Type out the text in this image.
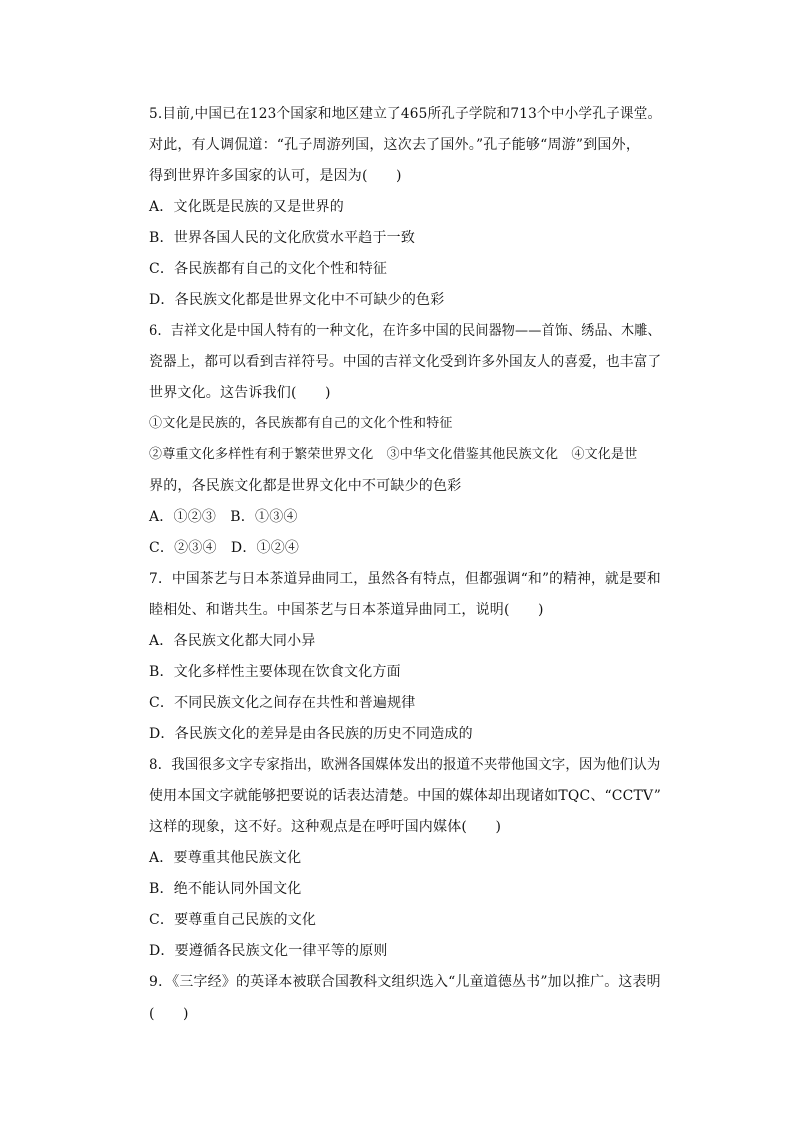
5.目前,中国已在123个国家和地区建立了465所孔子学院和713个中小学孔子课堂。
对此，有人调侃道：“孔子周游列国，这次去了国外。”孔子能够“周游”到国外，
得到世界许多国家的认可，是因为(　　)
A．文化既是民族的又是世界的
B．世界各国人民的文化欣赏水平趋于一致
C．各民族都有自己的文化个性和特征
D．各民族文化都是世界文化中不可缺少的色彩
6．吉祥文化是中国人特有的一种文化，在许多中国的民间器物——首饰、绣品、木雕、
瓷器上，都可以看到吉祥符号。中国的吉祥文化受到许多外国友人的喜爱，也丰富了
世界文化。这告诉我们(　　)
①文化是民族的，各民族都有自己的文化个性和特征
②尊重文化多样性有利于繁荣世界文化　③中华文化借鉴其他民族文化　④文化是世
界的，各民族文化都是世界文化中不可缺少的色彩
A．①②③　B．①③④
C．②③④　D．①②④
7．中国茶艺与日本茶道异曲同工，虽然各有特点，但都强调“和”的精神，就是要和
睦相处、和谐共生。中国茶艺与日本茶道异曲同工，说明(　　)
A．各民族文化都大同小异
B．文化多样性主要体现在饮食文化方面
C．不同民族文化之间存在共性和普遍规律
D．各民族文化的差异是由各民族的历史不同造成的
8．我国很多文字专家指出，欧洲各国媒体发出的报道不夹带他国文字，因为他们认为
使用本国文字就能够把要说的话表达清楚。中国的媒体却出现诸如TQC、“CCTV”
这样的现象，这不好。这种观点是在呼吁国内媒体(　　)
A．要尊重其他民族文化
B．绝不能认同外国文化
C．要尊重自己民族的文化
D．要遵循各民族文化一律平等的原则
9．《三字经》的英译本被联合国教科文组织选入“儿童道德丛书”加以推广。这表明
(　　)
